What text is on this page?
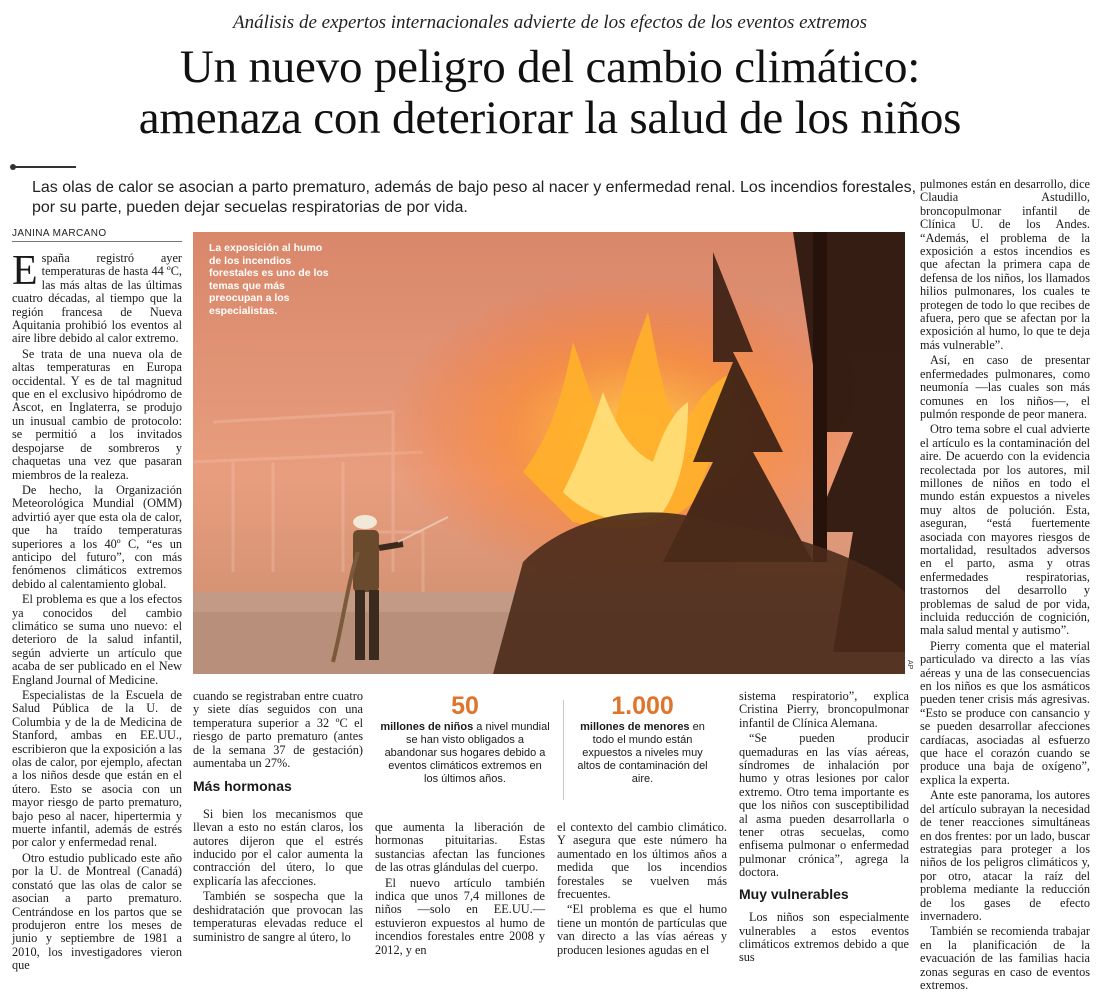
Análisis de expertos internacionales advierte de los efectos de los eventos extremos
Un nuevo peligro del cambio climático:
amenaza con deteriorar la salud de los niños
Las olas de calor se asocian a parto prematuro, además de bajo peso al nacer y enfermedad renal. Los incendios forestales, por su parte, pueden dejar secuelas respiratorias de por vida.
JANINA MARCANO

España registró ayer temperaturas de hasta 44 ºC, las más altas de las últimas cuatro décadas, al tiempo que la región francesa de Nueva Aquitania prohibió los eventos al aire libre debido al calor extremo.

Se trata de una nueva ola de altas temperaturas en Europa occidental. Y es de tal magnitud que en el exclusivo hipódromo de Ascot, en Inglaterra, se produjo un inusual cambio de protocolo: se permitió a los invitados despojarse de sombreros y chaquetas una vez que pasaran miembros de la realeza.

De hecho, la Organización Meteorológica Mundial (OMM) advirtió ayer que esta ola de calor, que ha traído temperaturas superiores a los 40º C, “es un anticipo del futuro”, con más fenómenos climáticos extremos debido al calentamiento global.

El problema es que a los efectos ya conocidos del cambio climático se suma uno nuevo: el deterioro de la salud infantil, según advierte un artículo que acaba de ser publicado en el New England Journal of Medicine.

Especialistas de la Escuela de Salud Pública de la U. de Columbia y de la de Medicina de Stanford, ambas en EE.UU., escribieron que la exposición a las olas de calor, por ejemplo, afectan a los niños desde que están en el útero. Esto se asocia con un mayor riesgo de parto prematuro, bajo peso al nacer, hipertermia y muerte infantil, además de estrés por calor y enfermedad renal.

Otro estudio publicado este año por la U. de Montreal (Canadá) constató que las olas de calor se asocian a parto prematuro. Centrándose en los partos que se produjeron entre los meses de junio y septiembre de 1981 a 2010, los investigadores vieron que

La exposición al humo de los incendios forestales es uno de los temas que más preocupan a los especialistas.
AP
50
millones de niños a nivel mundial se han visto obligados a abandonar sus hogares debido a eventos climáticos extremos en los últimos años.
1.000
millones de menores en todo el mundo están expuestos a niveles muy altos de contaminación del aire.

cuando se registraban entre cuatro y siete días seguidos con una temperatura superior a 32 ºC el riesgo de parto prematuro (antes de la semana 37 de gestación) aumentaba un 27%.

Más hormonas

Si bien los mecanismos que llevan a esto no están claros, los autores dijeron que el estrés inducido por el calor aumenta la contracción del útero, lo que explicaría las afecciones.

También se sospecha que la deshidratación que provocan las temperaturas elevadas reduce el suministro de sangre al útero, lo

que aumenta la liberación de hormonas pituitarias. Estas sustancias afectan las funciones de las otras glándulas del cuerpo.

El nuevo artículo también indica que unos 7,4 millones de niños —solo en EE.UU.— estuvieron expuestos al humo de incendios forestales entre 2008 y 2012, y en

el contexto del cambio climático. Y asegura que este número ha aumentado en los últimos años a medida que los incendios forestales se vuelven más frecuentes.

“El problema es que el humo tiene un montón de partículas que van directo a las vías aéreas y producen lesiones agudas en el

sistema respiratorio”, explica Cristina Pierry, broncopulmonar infantil de Clínica Alemana.

“Se pueden producir quemaduras en las vías aéreas, síndromes de inhalación por humo y otras lesiones por calor extremo. Otro tema importante es que los niños con susceptibilidad al asma pueden desarrollarla o tener otras secuelas, como enfisema pulmonar o enfermedad pulmonar crónica”, agrega la doctora.

Muy vulnerables

Los niños son especialmente vulnerables a estos eventos climáticos extremos debido a que sus

pulmones están en desarrollo, dice Claudia Astudillo, broncopulmonar infantil de Clínica U. de los Andes. “Además, el problema de la exposición a estos incendios es que afectan la primera capa de defensa de los niños, los llamados hilios pulmonares, los cuales te protegen de todo lo que recibes de afuera, pero que se afectan por la exposición al humo, lo que te deja más vulnerable”.

Así, en caso de presentar enfermedades pulmonares, como neumonía —las cuales son más comunes en los niños—, el pulmón responde de peor manera.

Otro tema sobre el cual advierte el artículo es la contaminación del aire. De acuerdo con la evidencia recolectada por los autores, mil millones de niños en todo el mundo están expuestos a niveles muy altos de polución. Esta, aseguran, “está fuertemente asociada con mayores riesgos de mortalidad, resultados adversos en el parto, asma y otras enfermedades respiratorias, trastornos del desarrollo y problemas de salud de por vida, incluida reducción de cognición, mala salud mental y autismo”.

Pierry comenta que el material particulado va directo a las vías aéreas y una de las consecuencias en los niños es que los asmáticos pueden tener crisis más agresivas. “Esto se produce con cansancio y se pueden desarrollar afecciones cardíacas, asociadas al esfuerzo que hace el corazón cuando se produce una baja de oxígeno”, explica la experta.

Ante este panorama, los autores del artículo subrayan la necesidad de tener reacciones simultáneas en dos frentes: por un lado, buscar estrategias para proteger a los niños de los peligros climáticos y, por otro, atacar la raíz del problema mediante la reducción de los gases de efecto invernadero.

También se recomienda trabajar en la planificación de la evacuación de las familias hacia zonas seguras en caso de eventos extremos.
